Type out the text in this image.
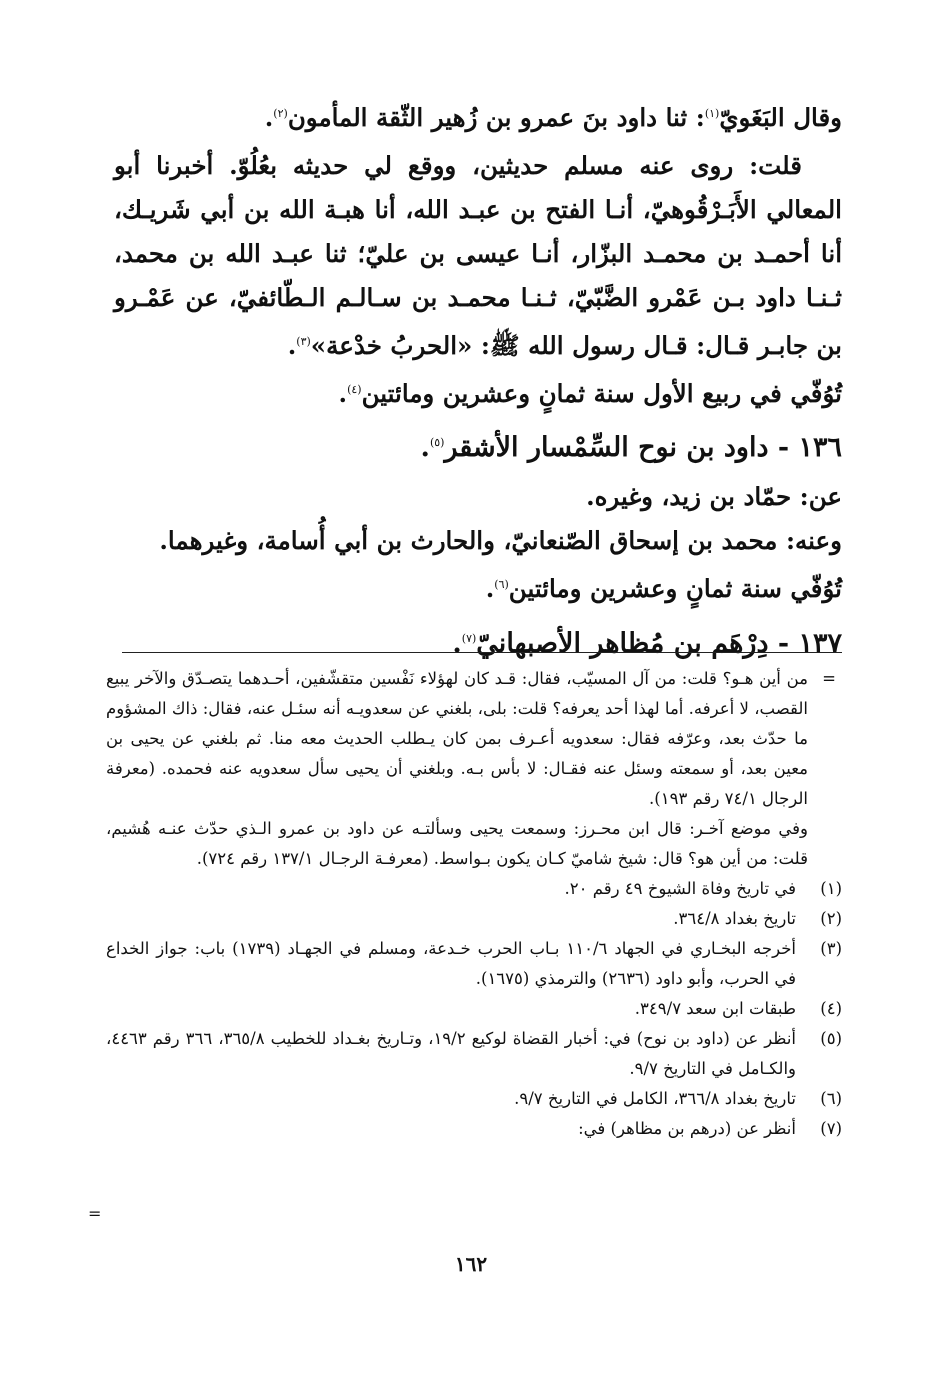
وقال البَغَويّ$^{(١)}$: ثنا داود بنَ عمرو بن زُهير الثّقة المأمون$^{(٢)}$.

قلت: روى عنه مسلم حديثين، ووقع لي حديثه بعُلُوّ. أخبرنا أبو المعالي الأَبَـرْقُوهيّ، أنـا الفتح بن عبـد الله، أنا هبـة الله بن أبي شَريـك، أنا أحمـد بن محمـد البزّار، أنـا عيسى بن عليّ؛ ثنا عبـد الله بن محمد، ثـنـا داود بـن عَمْرو الضَّبّيّ، ثـنـا محمـد بن سـالـم الـطّائفيّ، عن عَمْـرو بن جابـر قـال: قـال رسول الله ﷺ: «الحربُ خدْعة»$^{(٣)}$.

تُوُفّي في ربيع الأول سنة ثمانٍ وعشرين ومائتين$^{(٤)}$.

١٣٦ - داود بن نوح السِّمْسار الأشقر$^{(٥)}$.

عن: حمّاد بن زيد، وغيره.

وعنه: محمد بن إسحاق الصّنعانيّ، والحارث بن أبي أُسامة، وغيرهما.

تُوُفّي سنة ثمانٍ وعشرين ومائتين$^{(٦)}$.

١٣٧ - دِرْهَم بن مُظاهر الأصبهانيّ$^{(٧)}$.

=

من أين هـو؟ قلت: من آل المسيّب، فقال: قـد كان لهؤلاء نَفْسين متقشّفين، أحـدهما يتصـدّق والآخر يبيع القصب، لا أعرفه. أما لهذا أحد يعرفه؟ قلت: بلى، بلغني عن سعدويـه أنه سئـل عنه، فقال: ذاك المشؤوم ما حدّث بعد، وعرّفه فقال: سعدويه أعـرف بمن كان يـطلب الحديث معه منا. ثم بلغني عن يحيى بن معين بعد، أو سمعته وسئل عنه فقـال: لا بأس بـه. وبلغني أن يحيى سأل سعدويه عنه فحمده. (معرفة الرجال ٧٤/١ رقم ١٩٣).

وفي موضع آخـر: قال ابن محـرز: وسمعت يحيى وسألتـه عن داود بن عمرو الـذي حدّث عنـه هُشيم، قلت: من أين هو؟ قال: شيخ شاميّ كـان يكون بـواسط. (معرفـة الرجـال ١٣٧/١ رقم ٧٢٤).

(١)
في تاريخ وفاة الشيوخ ٤٩ رقم ٢٠.
(٢)
تاريخ بغداد ٣٦٤/٨.
(٣)
أخرجه البخـاري في الجهاد ١١٠/٦ بـاب الحرب خـدعة، ومسلم في الجهـاد (١٧٣٩) باب: جواز الخداع في الحرب، وأبو داود (٢٦٣٦) والترمذي (١٦٧٥).
(٤)
طبقات ابن سعد ٣٤٩/٧.
(٥)
أنظر عن (داود بن نوح) في: أخبار القضاة لوكيع ١٩/٢، وتـاريخ بغـداد للخطيب ٣٦٥/٨، ٣٦٦ رقم ٤٤٦٣، والكـامل في التاريخ ٩/٧.
(٦)
تاريخ بغداد ٣٦٦/٨، الكامل في التاريخ ٩/٧.
(٧)
أنظر عن (درهم بن مظاهر) في:
=
١٦٢
